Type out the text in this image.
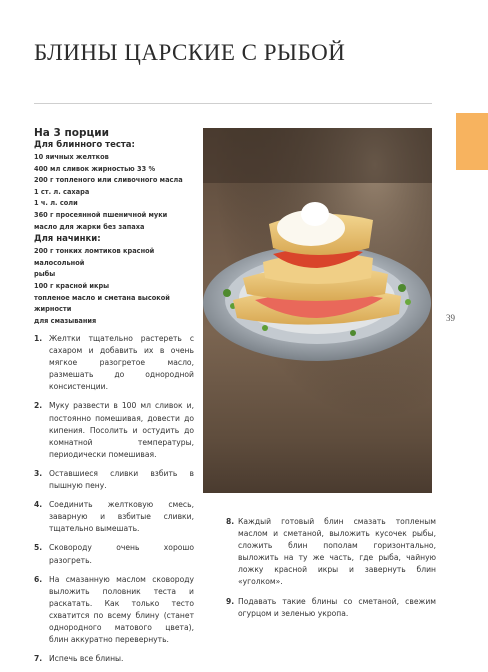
БЛИНЫ ЦАРСКИЕ С РЫБОЙ
39
На 3 порции
Для блинного теста:
10 яичных желтков
400 мл сливок жирностью 33 %
200 г топленого или сливочного масла
1 ст. л. сахара
1 ч. л. соли
360 г просеянной пшеничной муки
масло для жарки без запаха
Для начинки:
200 г тонких ломтиков красной малосольной
рыбы
100 г красной икры
топленое масло и сметана высокой жирности
для смазывания
1. Желтки тщательно растереть с сахаром и добавить их в очень мягкое разогретое масло, размешать до однородной консистенции.
2. Муку развести в 100 мл сливок и, постоянно помешивая, довести до кипения. Посолить и остудить до комнатной температуры, периодически помешивая.
3. Оставшиеся сливки взбить в пышную пену.
4. Соединить желтковую смесь, заварную и взбитые сливки, тщательно вымешать.
5. Сковороду очень хорошо разогреть.
6. На смазанную маслом сковороду выложить половник теста и раскатать. Как только тесто схватится по всему блину (станет однородного матового цвета), блин аккуратно перевернуть.
7. Испечь все блины.
8. Каждый готовый блин смазать топленым маслом и сметаной, выложить кусочек рыбы, сложить блин пополам горизонтально, выложить на ту же часть, где рыба, чайную ложку красной икры и завернуть блин «уголком».
9. Подавать такие блины со сметаной, свежим огурцом и зеленью укропа.
